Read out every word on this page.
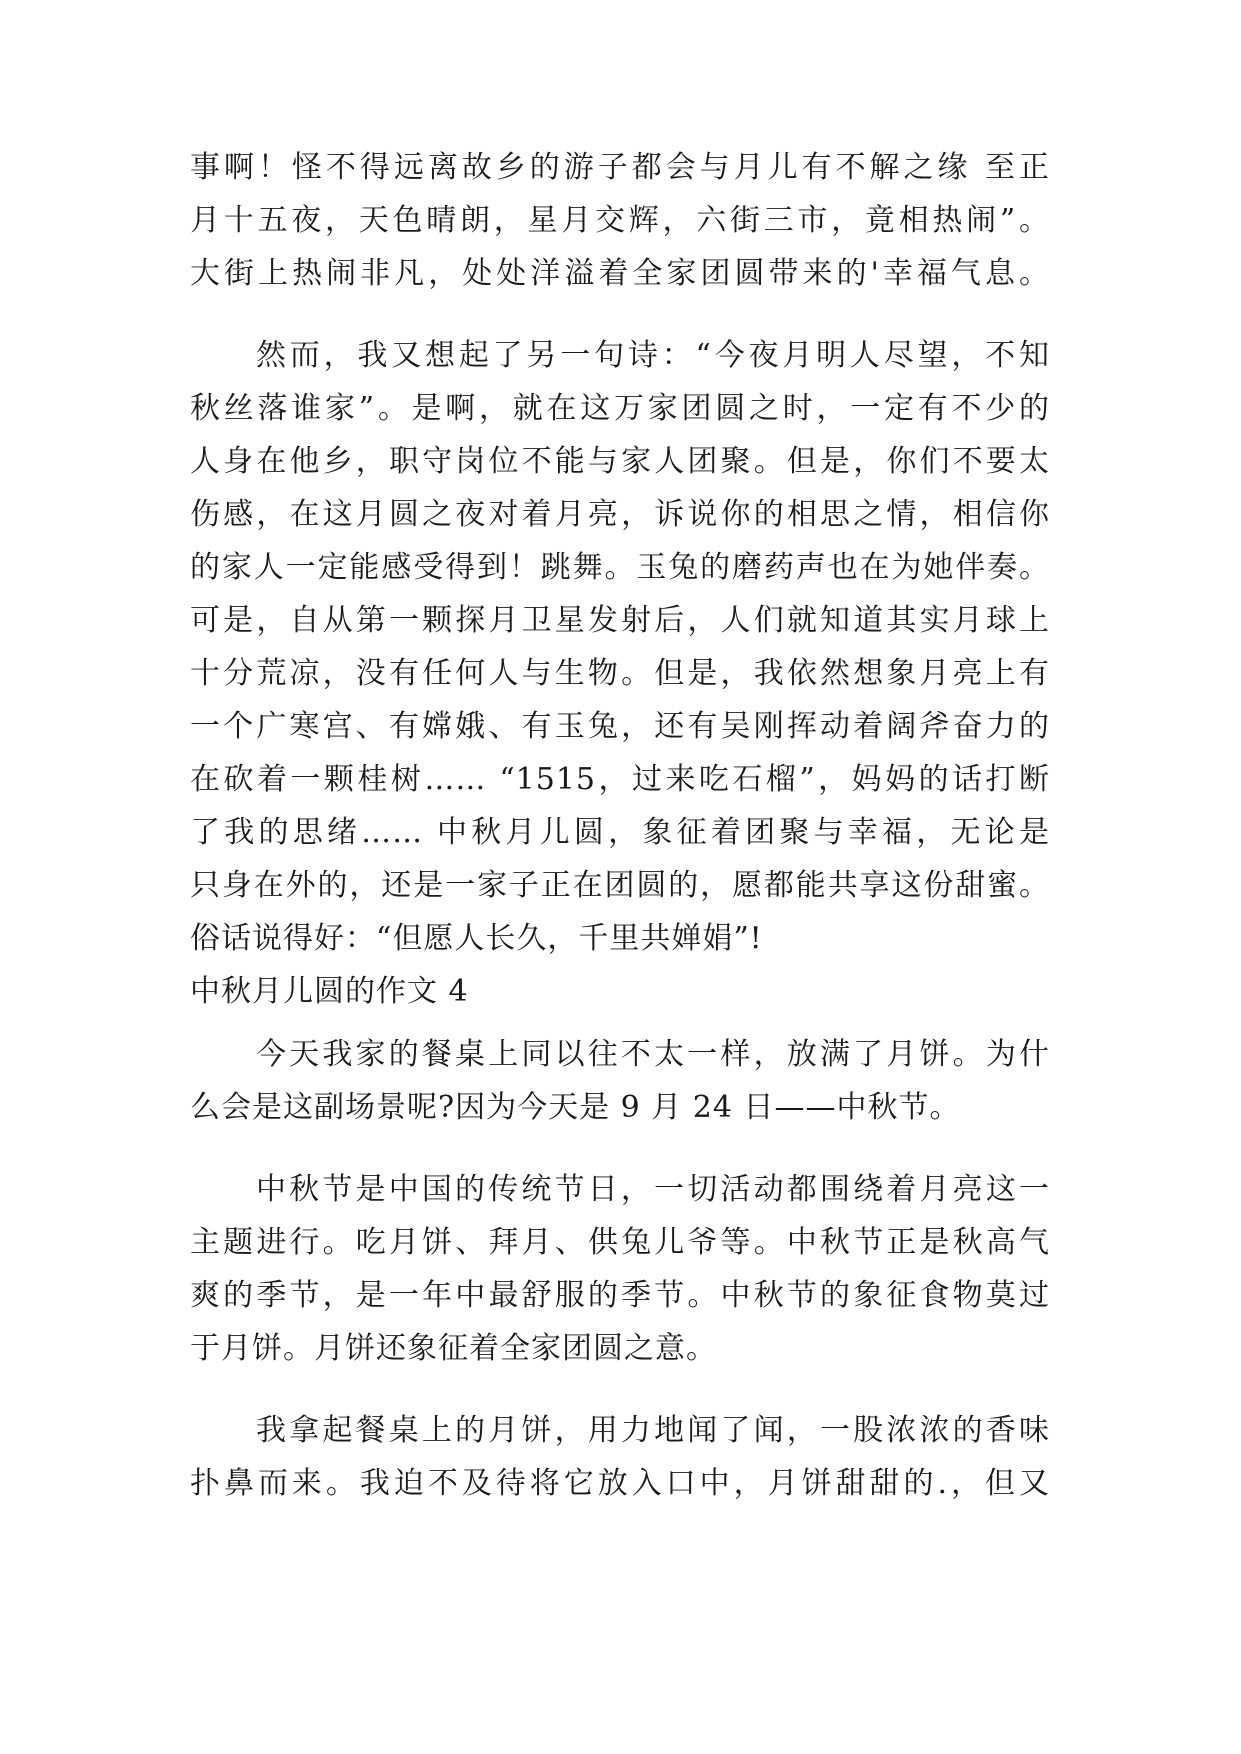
事啊！怪不得远离故乡的游子都会与月儿有不解之缘 至正
月十五夜，天色晴朗，星月交辉，六街三市，竟相热闹”。
大街上热闹非凡，处处洋溢着全家团圆带来的'幸福气息。
然而，我又想起了另一句诗：“今夜月明人尽望，不知
秋丝落谁家”。是啊，就在这万家团圆之时，一定有不少的
人身在他乡，职守岗位不能与家人团聚。但是，你们不要太
伤感，在这月圆之夜对着月亮，诉说你的相思之情，相信你
的家人一定能感受得到！跳舞。玉兔的磨药声也在为她伴奏。
可是，自从第一颗探月卫星发射后，人们就知道其实月球上
十分荒凉，没有任何人与生物。但是，我依然想象月亮上有
一个广寒宫、有嫦娥、有玉兔，还有吴刚挥动着阔斧奋力的
在砍着一颗桂树…… “1515，过来吃石榴”，妈妈的话打断
了我的思绪…… 中秋月儿圆，象征着团聚与幸福，无论是
只身在外的，还是一家子正在团圆的，愿都能共享这份甜蜜。
俗话说得好：“但愿人长久，千里共婵娟”!
中秋月儿圆的作文 4
今天我家的餐桌上同以往不太一样，放满了月饼。为什
么会是这副场景呢?因为今天是 9 月 24 日——中秋节。
中秋节是中国的传统节日，一切活动都围绕着月亮这一
主题进行。吃月饼、拜月、供兔儿爷等。中秋节正是秋高气
爽的季节，是一年中最舒服的季节。中秋节的象征食物莫过
于月饼。月饼还象征着全家团圆之意。
我拿起餐桌上的月饼，用力地闻了闻，一股浓浓的香味
扑鼻而来。我迫不及待将它放入口中，月饼甜甜的.，但又
